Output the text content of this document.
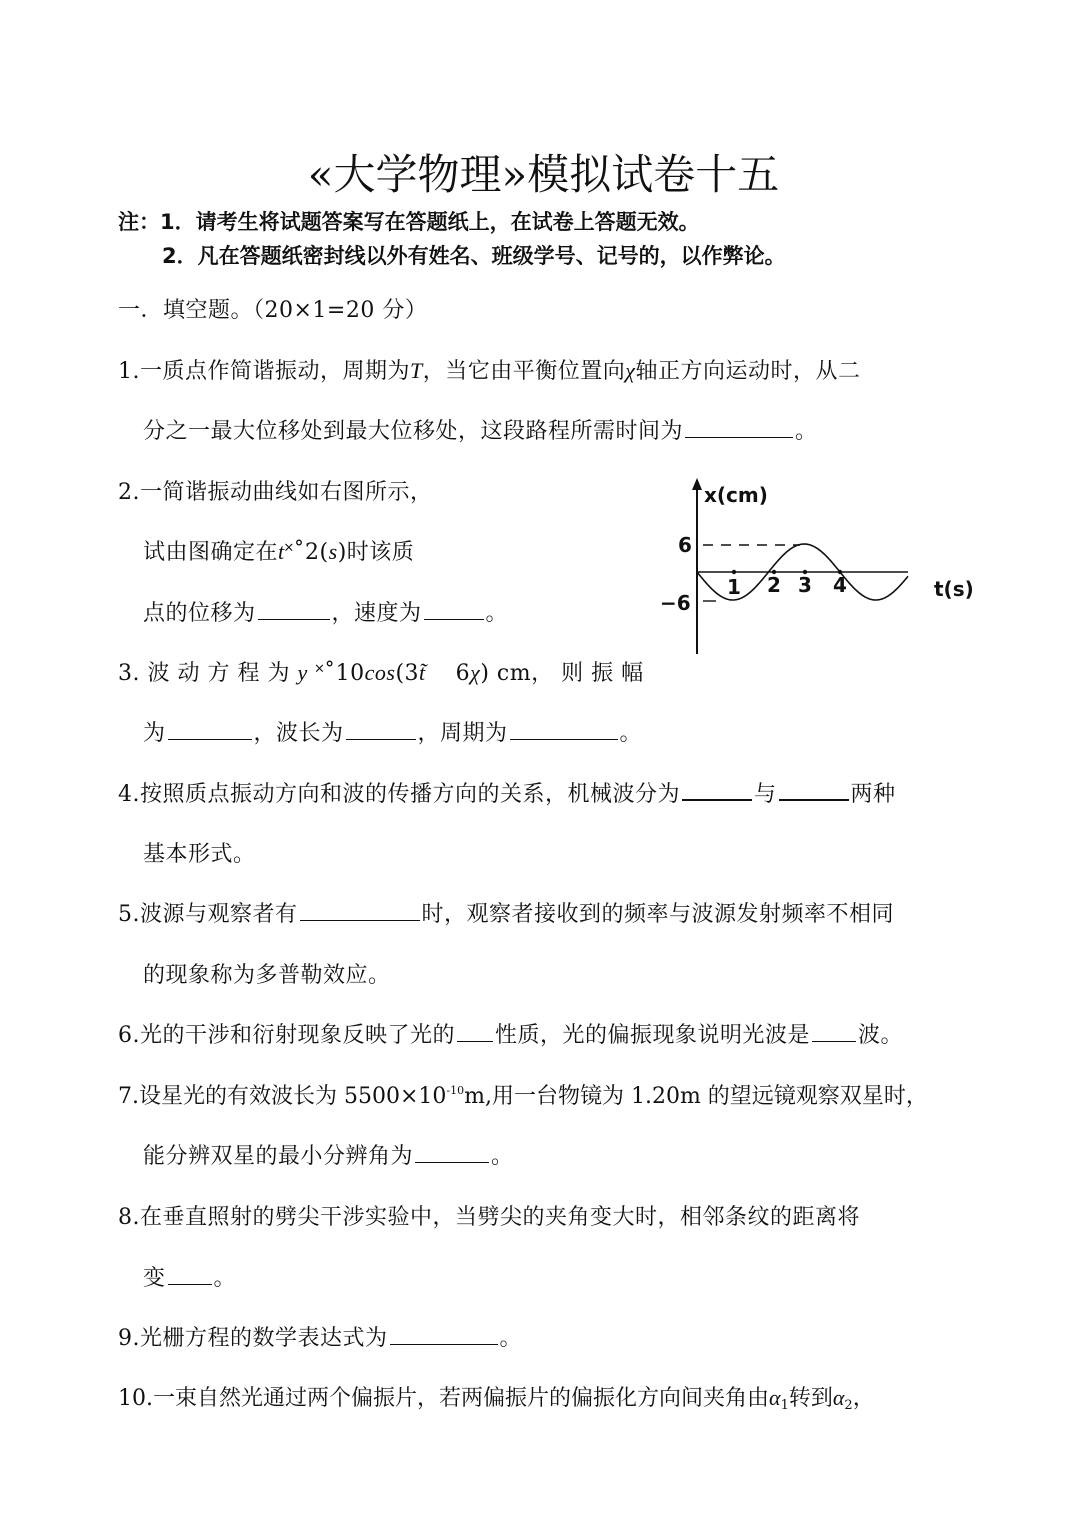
«大学物理»模拟试卷十五
注：1．请考生将试题答案写在答题纸上，在试卷上答题无效。
2．凡在答题纸密封线以外有姓名、班级学号、记号的，以作弊论。
一．填空题。（20×1=20 分）
1.一质点作简谐振动，周期为T，当它由平衡位置向χ轴正方向运动时，从二
分之一最大位移处到最大位移处，这段路程所需时间为	。
2.一简谐振动曲线如右图所示，
试由图确定在t˟˚2(s)时该质
点的位移为	，速度为	。
x(cm)
t(s)
6
−6
1 2 3 4
3. 波 动 方 程 为 y ˟˚10cos(3t̃    6χ) cm， 则 振 幅
为	，波长为	，周期为	。
4.按照质点振动方向和波的传播方向的关系，机械波分为	与	两种
基本形式。
5.波源与观察者有	时，观察者接收到的频率与波源发射频率不相同
的现象称为多普勒效应。
6.光的干涉和衍射现象反映了光的 性质，光的偏振现象说明光波是 波。
7.设星光的有效波长为 $5500\times 10^{-10}m$,用一台物镜为 1.20m 的望远镜观察双星时，
能分辨双星的最小分辨角为	。
8.在垂直照射的劈尖干涉实验中，当劈尖的夹角变大时，相邻条纹的距离将
变 。
9.光栅方程的数学表达式为	。
10.一束自然光通过两个偏振片，若两偏振片的偏振化方向间夹角由$\alpha_1$转到$\alpha_2$，
